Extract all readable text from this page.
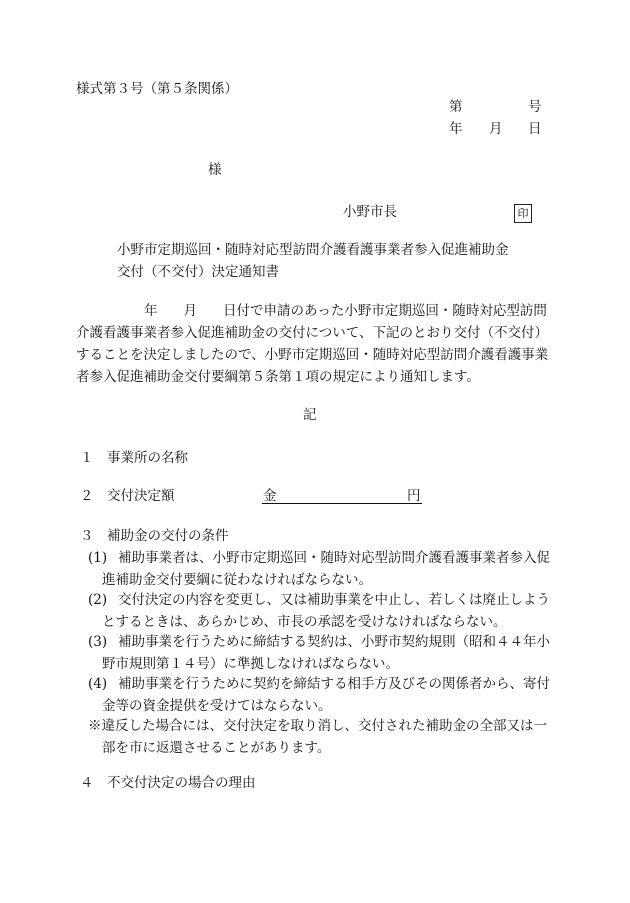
様式第３号（第５条関係）
第	号
年 月 日
様
小野市長	印
小野市定期巡回・随時対応型訪問介護看護事業者参入促進補助金
交付（不交付）決定通知書
年 月 日付で申請のあった小野市定期巡回・随時対応型訪問
介護看護事業者参入促進補助金の交付について、下記のとおり交付（不交付）
することを決定しましたので、小野市定期巡回・随時対応型訪問介護看護事業
者参入促進補助金交付要綱第５条第１項の規定により通知します。
記
１　事業所の名称
２　交付決定額	金	円
３　補助金の交付の条件
(1) 補助事業者は、小野市定期巡回・随時対応型訪問介護看護事業者参入促
進補助金交付要綱に従わなければならない。
(2) 交付決定の内容を変更し、又は補助事業を中止し、若しくは廃止しよう
とするときは、あらかじめ、市長の承認を受けなければならない。
(3) 補助事業を行うために締結する契約は、小野市契約規則（昭和４４年小
野市規則第１４号）に準拠しなければならない。
(4) 補助事業を行うために契約を締結する相手方及びその関係者から、寄付
金等の資金提供を受けてはならない。
※違反した場合には、交付決定を取り消し、交付された補助金の全部又は一
部を市に返還させることがあります。
４　不交付決定の場合の理由
